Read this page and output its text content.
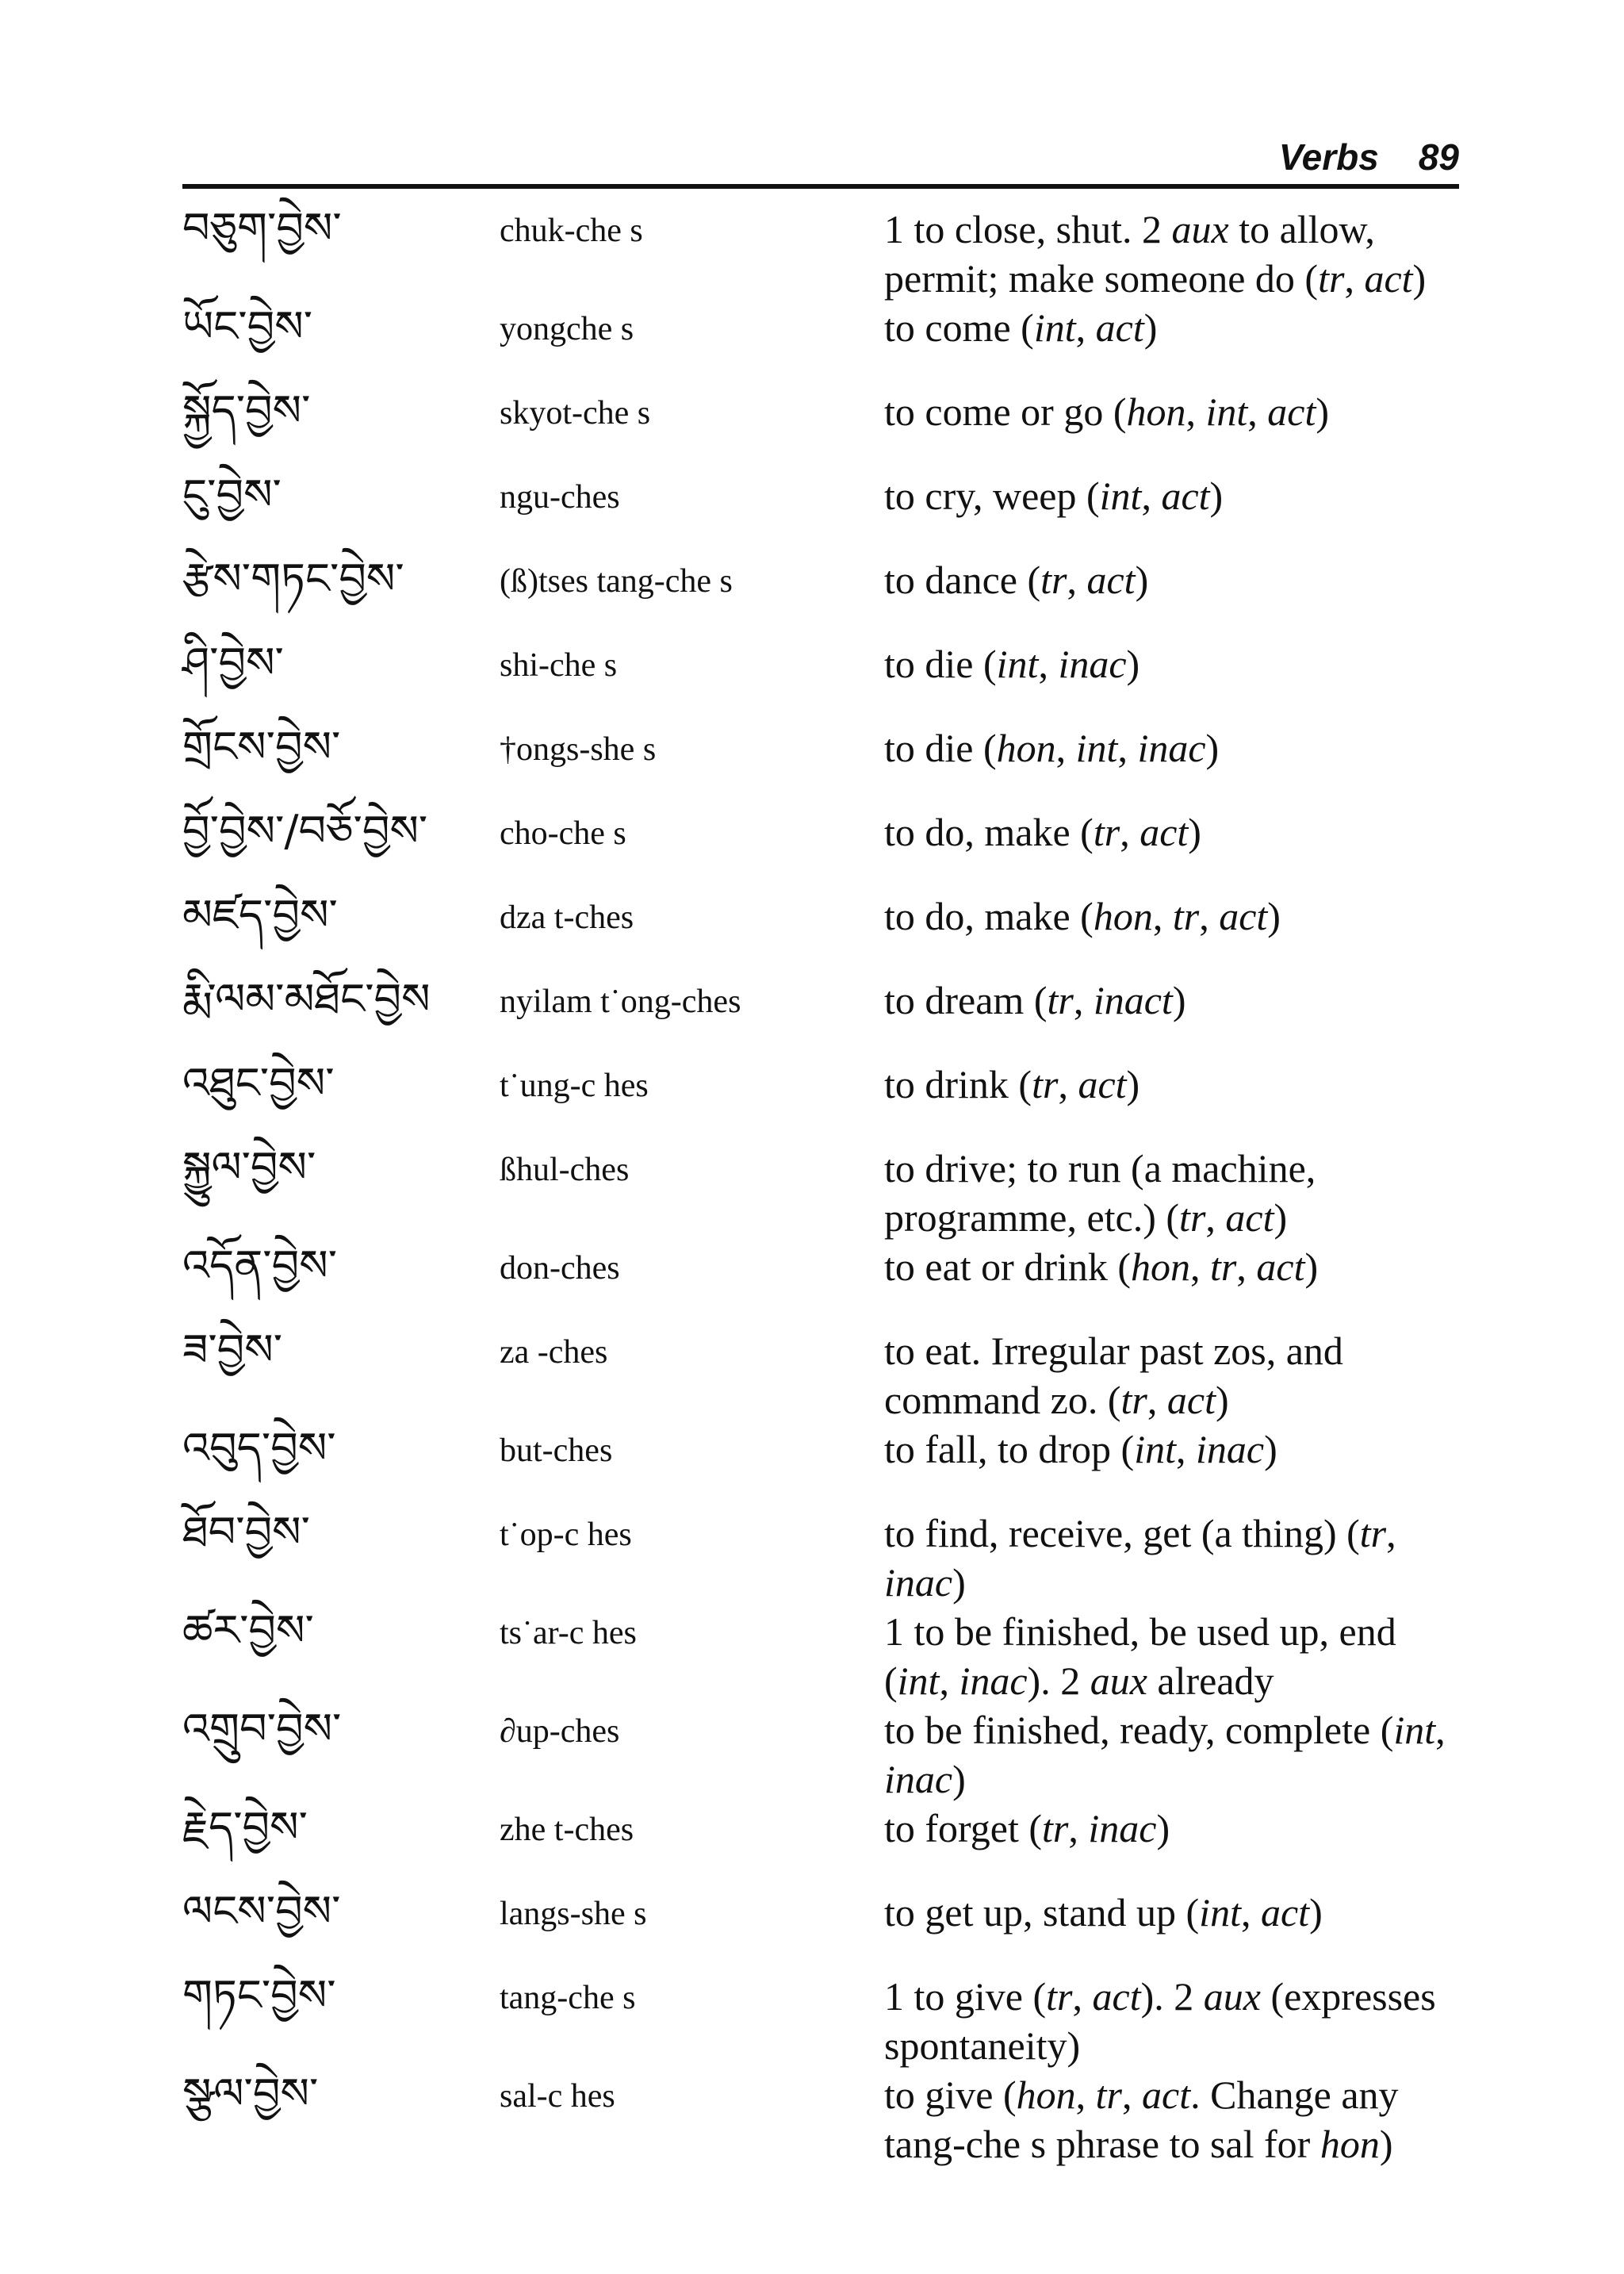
Verbs 89
བཅུག་བྱེས་	chuk-che s	1 to close, shut. 2 aux to allow, permit; make someone do (tr, act)
ཡོང་བྱེས་	yongche s	to come (int, act)
སྐྱོད་བྱེས་	skyot-che s	to come or go (hon, int, act)
ངུ་བྱེས་	ngu-ches	to cry, weep (int, act)
རྩེས་གཏང་བྱེས་	(ß)tses tang-che s	to dance (tr, act)
ཤི་བྱེས་	shi-che s	to die (int, inac)
གྲོངས་བྱེས་	†ongs-she s	to die (hon, int, inac)
བྱོ་བྱེས་/བཅོ་བྱེས་	cho-che s	to do, make (tr, act)
མཛད་བྱེས་	dza t-ches	to do, make (hon, tr, act)
རྨི་ལམ་མཐོང་བྱེས	nyilam t˙ong-ches	to dream (tr, inact)
འཐུང་བྱེས་	t˙ung-c hes	to drink (tr, act)
སྐྱུལ་བྱེས་	ßhul-ches	to drive; to run (a machine, programme, etc.) (tr, act)
འདོན་བྱེས་	don-ches	to eat or drink (hon, tr, act)
ཟ་བྱེས་	za -ches	to eat. Irregular past zos, and command zo. (tr, act)
འབུད་བྱེས་	but-ches	to fall, to drop (int, inac)
ཐོབ་བྱེས་	t˙op-c hes	to find, receive, get (a thing) (tr, inac)
ཚར་བྱེས་	ts˙ar-c hes	1 to be finished, be used up, end (int, inac). 2 aux already
འགྲུབ་བྱེས་	∂up-ches	to be finished, ready, complete (int, inac)
རྗེད་བྱེས་	zhe t-ches	to forget (tr, inac)
ལངས་བྱེས་	langs-she s	to get up, stand up (int, act)
གཏང་བྱེས་	tang-che s	1 to give (tr, act). 2 aux (expresses spontaneity)
སྩལ་བྱེས་	sal-c hes	to give (hon, tr, act. Change any tang-che s phrase to sal for hon)
